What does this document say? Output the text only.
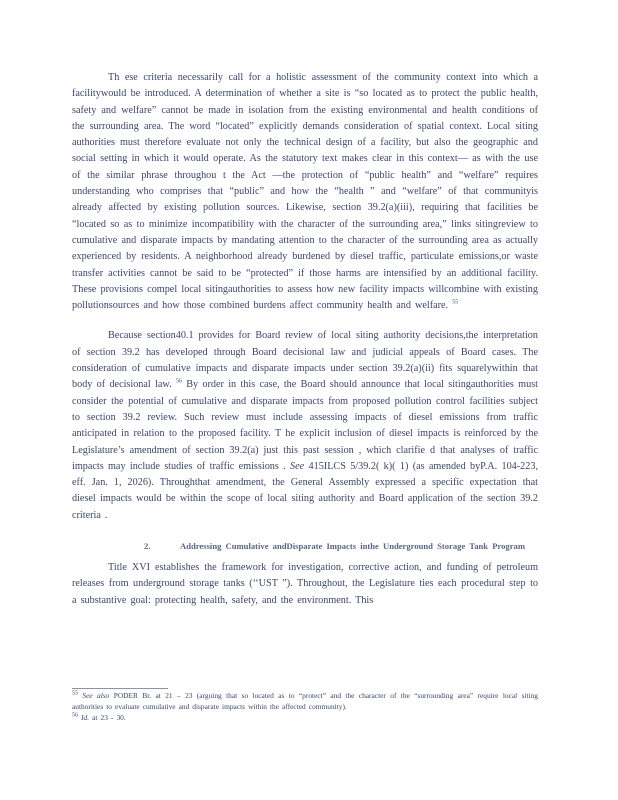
Th ese criteria necessarily call for a holistic assessment of the community context into which a facilitywould be introduced. A determination of whether a site is “so located as to protect the public health, safety and welfare” cannot be made in isolation from the existing environmental and health conditions of the surrounding area. The word “located” explicitly demands consideration of spatial context. Local siting authorities must therefore evaluate not only the technical design of a facility, but also the geographic and social setting in which it would operate. As the statutory text makes clear in this context— as with the use of the similar phrase throughou t the Act —the protection of “public health” and “welfare” requires understanding who comprises that “public” and how the “health ” and “welfare” of that communityis already affected by existing pollution sources. Likewise, section 39.2(a)(iii), requiring that facilities be “located so as to minimize incompatibility with the character of the surrounding area,” links sitingreview to cumulative and disparate impacts by mandating attention to the character of the surrounding area as actually experienced by residents. A neighborhood already burdened by diesel traffic, particulate emissions,or waste transfer activities cannot be said to be “protected” if those harms are intensified by an additional facility. These provisions compel local sitingauthorities to assess how new facility impacts willcombine with existing pollutionsources and how those combined burdens affect community health and welfare. $^{55}$

Because section40.1 provides for Board review of local siting authority decisions,the interpretation of section 39.2 has developed through Board decisional law and judicial appeals of Board cases. The consideration of cumulative impacts and disparate impacts under section 39.2(a)(ii) fits squarelywithin that body of decisional law. $^{56}$ By order in this case, the Board should announce that local sitingauthorities must consider the potential of cumulative and disparate impacts from proposed pollution control facilities subject to section 39.2 review. Such review must include assessing impacts of diesel emissions from traffic anticipated in relation to the proposed facility. T he explicit inclusion of diesel impacts is reinforced by the Legislature’s amendment of section 39.2(a) just this past session , which clarifie d that analyses of traffic impacts may include studies of traffic emissions . See 415ILCS 5/39.2( k)( 1) (as amended byP.A. 104-223, eff. Jan. 1, 2026). Throughthat amendment, the General Assembly expressed a specific expectation that diesel impacts would be within the scope of local siting authority and Board application of the section 39.2 criteria .

2.	Addressing Cumulative andDisparate Impacts inthe Underground Storage Tank Program

Title XVI establishes the framework for investigation, corrective action, and funding of petroleum releases from underground storage tanks (‘‘UST ”). Throughout, the Legislature ties each procedural step to a substantive goal: protecting health, safety, and the environment. This

$^{55}$ See also PODER Br. at 21 – 23 (arguing that so located as to “protect” and the character of the “surrounding area” require local siting authorities to evaluate cumulative and disparate impacts within the affected community).

$^{56}$ Id. at 23 - 30.
